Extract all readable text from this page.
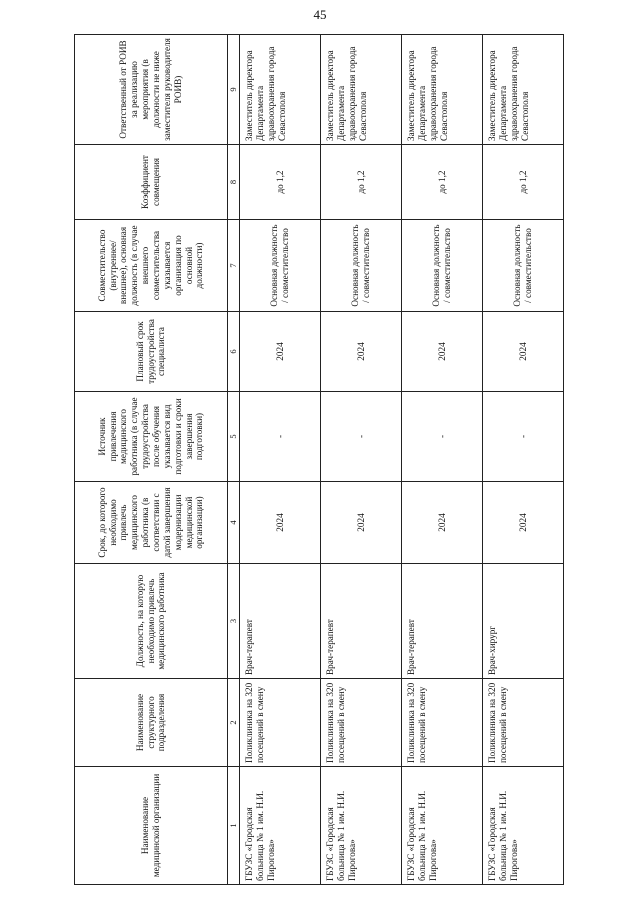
45
Наименование медицинской организации	Наименование структурного подразделения	Должность, на которую необходимо привлечь медицинского работника	Срок, до которого необходимо привлечь медицинского работника (в соответствии с датой завершения модернизации медицинской организации)	Источник привлечения медицинского работника (в случае трудоустройства после обучения указывается вид подготовки и сроки завершения подготовки)	Плановый срок трудоустройства специалиста	Совместительство (внутреннее/внешнее), основная должность (в случае внешнего совместительства указывается организация по основной должности)	Коэффициент совмещения	Ответственный от РОИВ за реализацию мероприятия (в должности не ниже заместителя руководителя РОИВ)
1	2	3	4	5	6	7	8	9
ГБУЗС «Городская больница № 1 им. Н.И. Пирогова»	Поликлиника на 320 посещений в смену	Врач-терапевт	2024	-	2024	Основная должность / совместительство	до 1,2	Заместитель директора Департамента здравоохранения города Севастополя
ГБУЗС «Городская больница № 1 им. Н.И. Пирогова»	Поликлиника на 320 посещений в смену	Врач-терапевт	2024	-	2024	Основная должность / совместительство	до 1,2	Заместитель директора Департамента здравоохранения города Севастополя
ГБУЗС «Городская больница № 1 им. Н.И. Пирогова»	Поликлиника на 320 посещений в смену	Врач-терапевт	2024	-	2024	Основная должность / совместительство	до 1,2	Заместитель директора Департамента здравоохранения города Севастополя
ГБУЗС «Городская больница № 1 им. Н.И. Пирогова»	Поликлиника на 320 посещений в смену	Врач-хирург	2024	-	2024	Основная должность / совместительство	до 1,2	Заместитель директора Департамента здравоохранения города Севастополя
